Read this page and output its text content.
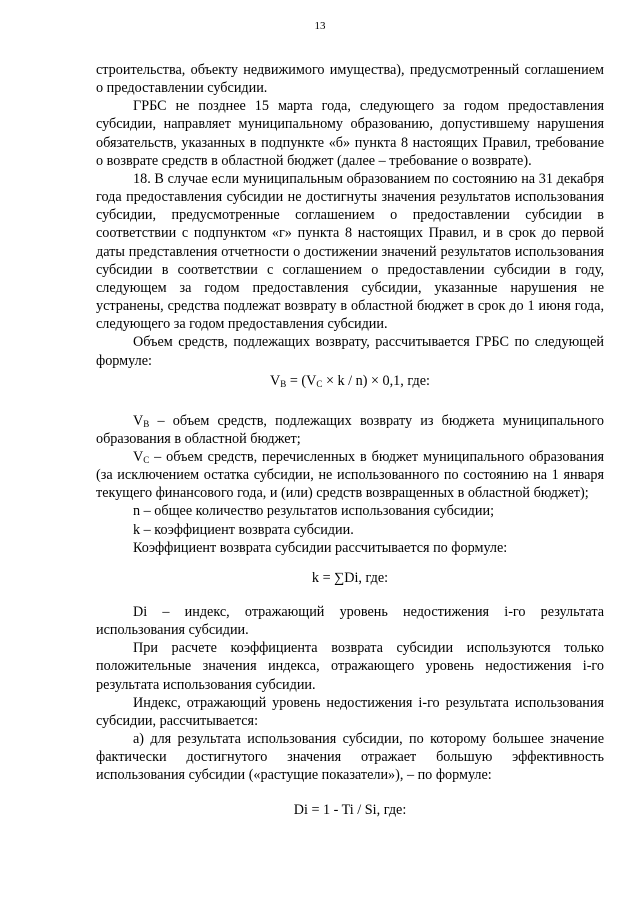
13

строительства, объекту недвижимого имущества), предусмотренный соглашением о предоставлении субсидии.

ГРБС не позднее 15 марта года, следующего за годом предоставления субсидии, направляет муниципальному образованию, допустившему нарушения обязательств, указанных в подпункте «б» пункта 8 настоящих Правил, требование о возврате средств в областной бюджет (далее – требование о возврате).

18. В случае если муниципальным образованием по состоянию на 31 декабря года предоставления субсидии не достигнуты значения результатов использования субсидии, предусмотренные соглашением о предоставлении субсидии в соответствии с подпунктом «г» пункта 8 настоящих Правил, и в срок до первой даты представления отчетности о достижении значений результатов использования субсидии в соответствии с соглашением о предоставлении субсидии в году, следующем за годом предоставления субсидии, указанные нарушения не устранены, средства подлежат возврату в областной бюджет в срок до 1 июня года, следующего за годом предоставления субсидии.

Объем средств, подлежащих возврату, рассчитывается ГРБС по следующей формуле:

$V_B = (V_C \times k / n) \times 0,1$, где:

$V_B$ – объем средств, подлежащих возврату из бюджета муниципального образования в областной бюджет;

$V_C$ – объем средств, перечисленных в бюджет муниципального образования (за исключением остатка субсидии, не использованного по состоянию на 1 января текущего финансового года, и (или) средств возвращенных в областной бюджет);

n – общее количество результатов использования субсидии;

k – коэффициент возврата субсидии.

Коэффициент возврата субсидии рассчитывается по формуле:

k = ∑Di, где:

Di – индекс, отражающий уровень недостижения i-го результата использования субсидии.

При расчете коэффициента возврата субсидии используются только положительные значения индекса, отражающего уровень недостижения i-го результата использования субсидии.

Индекс, отражающий уровень недостижения i-го результата использования субсидии, рассчитывается:

а) для результата использования субсидии, по которому большее значение фактически достигнутого значения отражает большую эффективность использования субсидии («растущие показатели»), – по формуле:

Di = 1 - Ti / Si, где:
